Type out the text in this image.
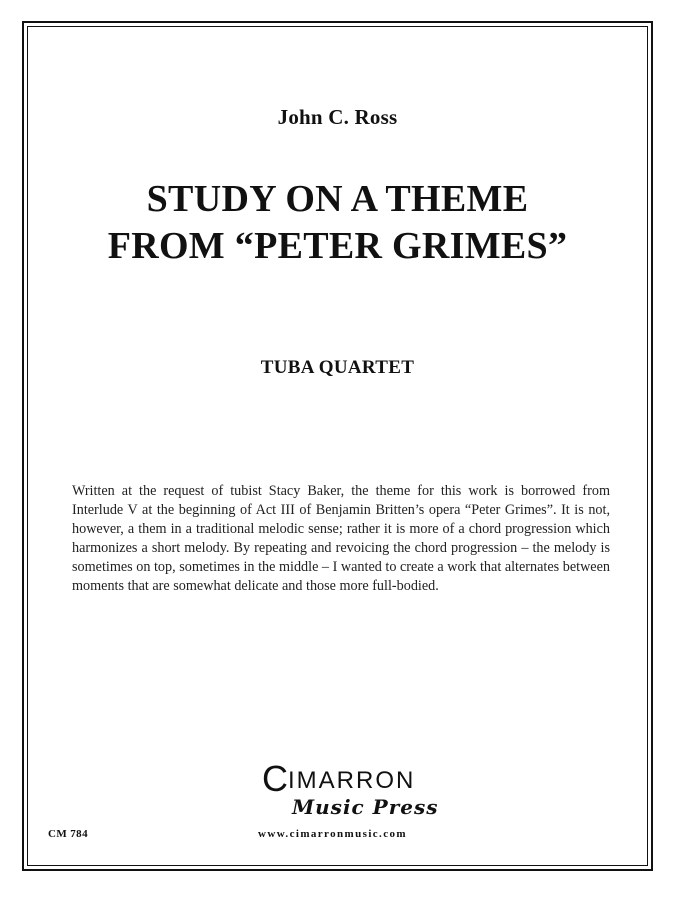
John C. Ross
STUDY ON A THEME
FROM “PETER GRIMES”
TUBA QUARTET
Written at the request of tubist Stacy Baker, the theme for this work is borrowed from Interlude V at the beginning of Act III of Benjamin Britten’s opera “Peter Grimes”. It is not, however, a them in a traditional melodic sense; rather it is more of a chord progression which harmonizes a short melody. By repeating and revoicing the chord progression – the melody is sometimes on top, sometimes in the middle – I wanted to create a work that alternates between moments that are somewhat delicate and those more full-bodied.
CIMARRON
Music Press
CM 784	www.cimarronmusic.com
